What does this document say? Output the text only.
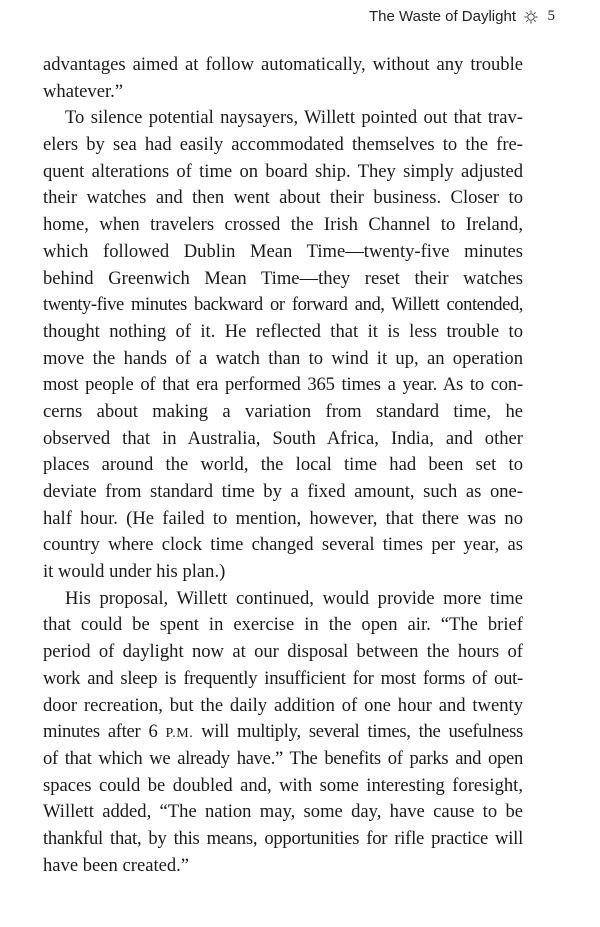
The Waste of Daylight 5
advantages aimed at follow automatically, without any trouble
whatever.”
To silence potential naysayers, Willett pointed out that trav-
elers by sea had easily accommodated themselves to the fre-
quent alterations of time on board ship. They simply adjusted
their watches and then went about their business. Closer to
home, when travelers crossed the Irish Channel to Ireland,
which followed Dublin Mean Time—twenty-five minutes
behind Greenwich Mean Time—they reset their watches
twenty-five minutes backward or forward and, Willett contended,
thought nothing of it. He reflected that it is less trouble to
move the hands of a watch than to wind it up, an operation
most people of that era performed 365 times a year. As to con-
cerns about making a variation from standard time, he
observed that in Australia, South Africa, India, and other
places around the world, the local time had been set to
deviate from standard time by a fixed amount, such as one-
half hour. (He failed to mention, however, that there was no
country where clock time changed several times per year, as
it would under his plan.)
His proposal, Willett continued, would provide more time
that could be spent in exercise in the open air. “The brief
period of daylight now at our disposal between the hours of
work and sleep is frequently insufficient for most forms of out-
door recreation, but the daily addition of one hour and twenty
minutes after 6 P.M. will multiply, several times, the usefulness
of that which we already have.” The benefits of parks and open
spaces could be doubled and, with some interesting foresight,
Willett added, “The nation may, some day, have cause to be
thankful that, by this means, opportunities for rifle practice will
have been created.”
